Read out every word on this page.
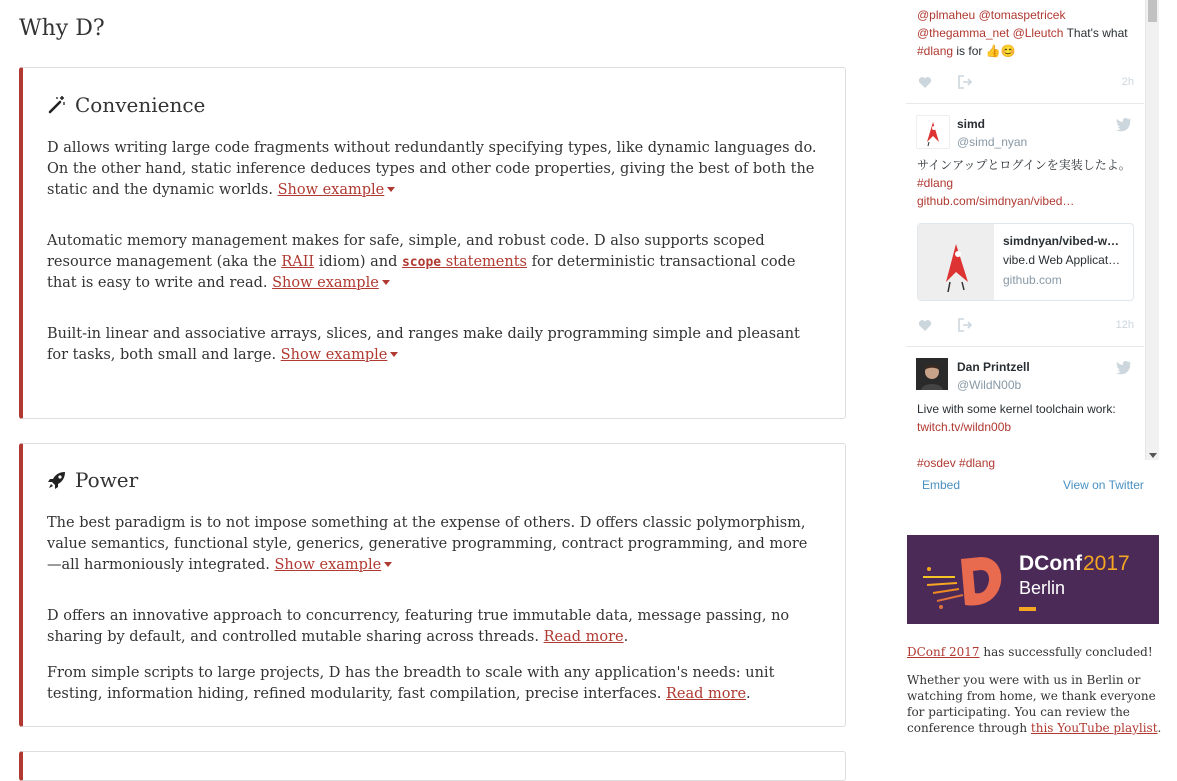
Why D?
Convenience

D allows writing large code fragments without redundantly specifying types, like dynamic languages do. On the other hand, static inference deduces types and other code properties, giving the best of both the static and the dynamic worlds. Show example

Automatic memory management makes for safe, simple, and robust code. D also supports scoped resource management (aka the RAII idiom) and scope statements for deterministic transactional code that is easy to write and read. Show example

Built-in linear and associative arrays, slices, and ranges make daily programming simple and pleasant for tasks, both small and large. Show example

Power

The best paradigm is to not impose something at the expense of others. D offers classic polymorphism, value semantics, functional style, generics, generative programming, contract programming, and more—all harmoniously integrated. Show example

D offers an innovative approach to concurrency, featuring true immutable data, message passing, no sharing by default, and controlled mutable sharing across threads. Read more.

From simple scripts to large projects, D has the breadth to scale with any application's needs: unit testing, information hiding, refined modularity, fast compilation, precise interfaces. Read more.

@plmaheu @tomaspetricek @thegamma_net @Lleutch That's what #dlang is for 👍😊
2h
simd
@simd_nyan
サインアップとログインを実装したよ。
#dlang
github.com/simdnyan/vibed…
simdnyan/vibed-w…
vibe.d Web Applicat…
github.com
12h
Dan Printzell
@WildN00b
Live with some kernel toolchain work:
twitch.tv/wildn00b

#osdev #dlang
Embed	View on Twitter
DConf 2017
Berlin
DConf 2017 has successfully concluded!
Whether you were with us in Berlin or watching from home, we thank everyone for participating. You can review the conference through this YouTube playlist.
